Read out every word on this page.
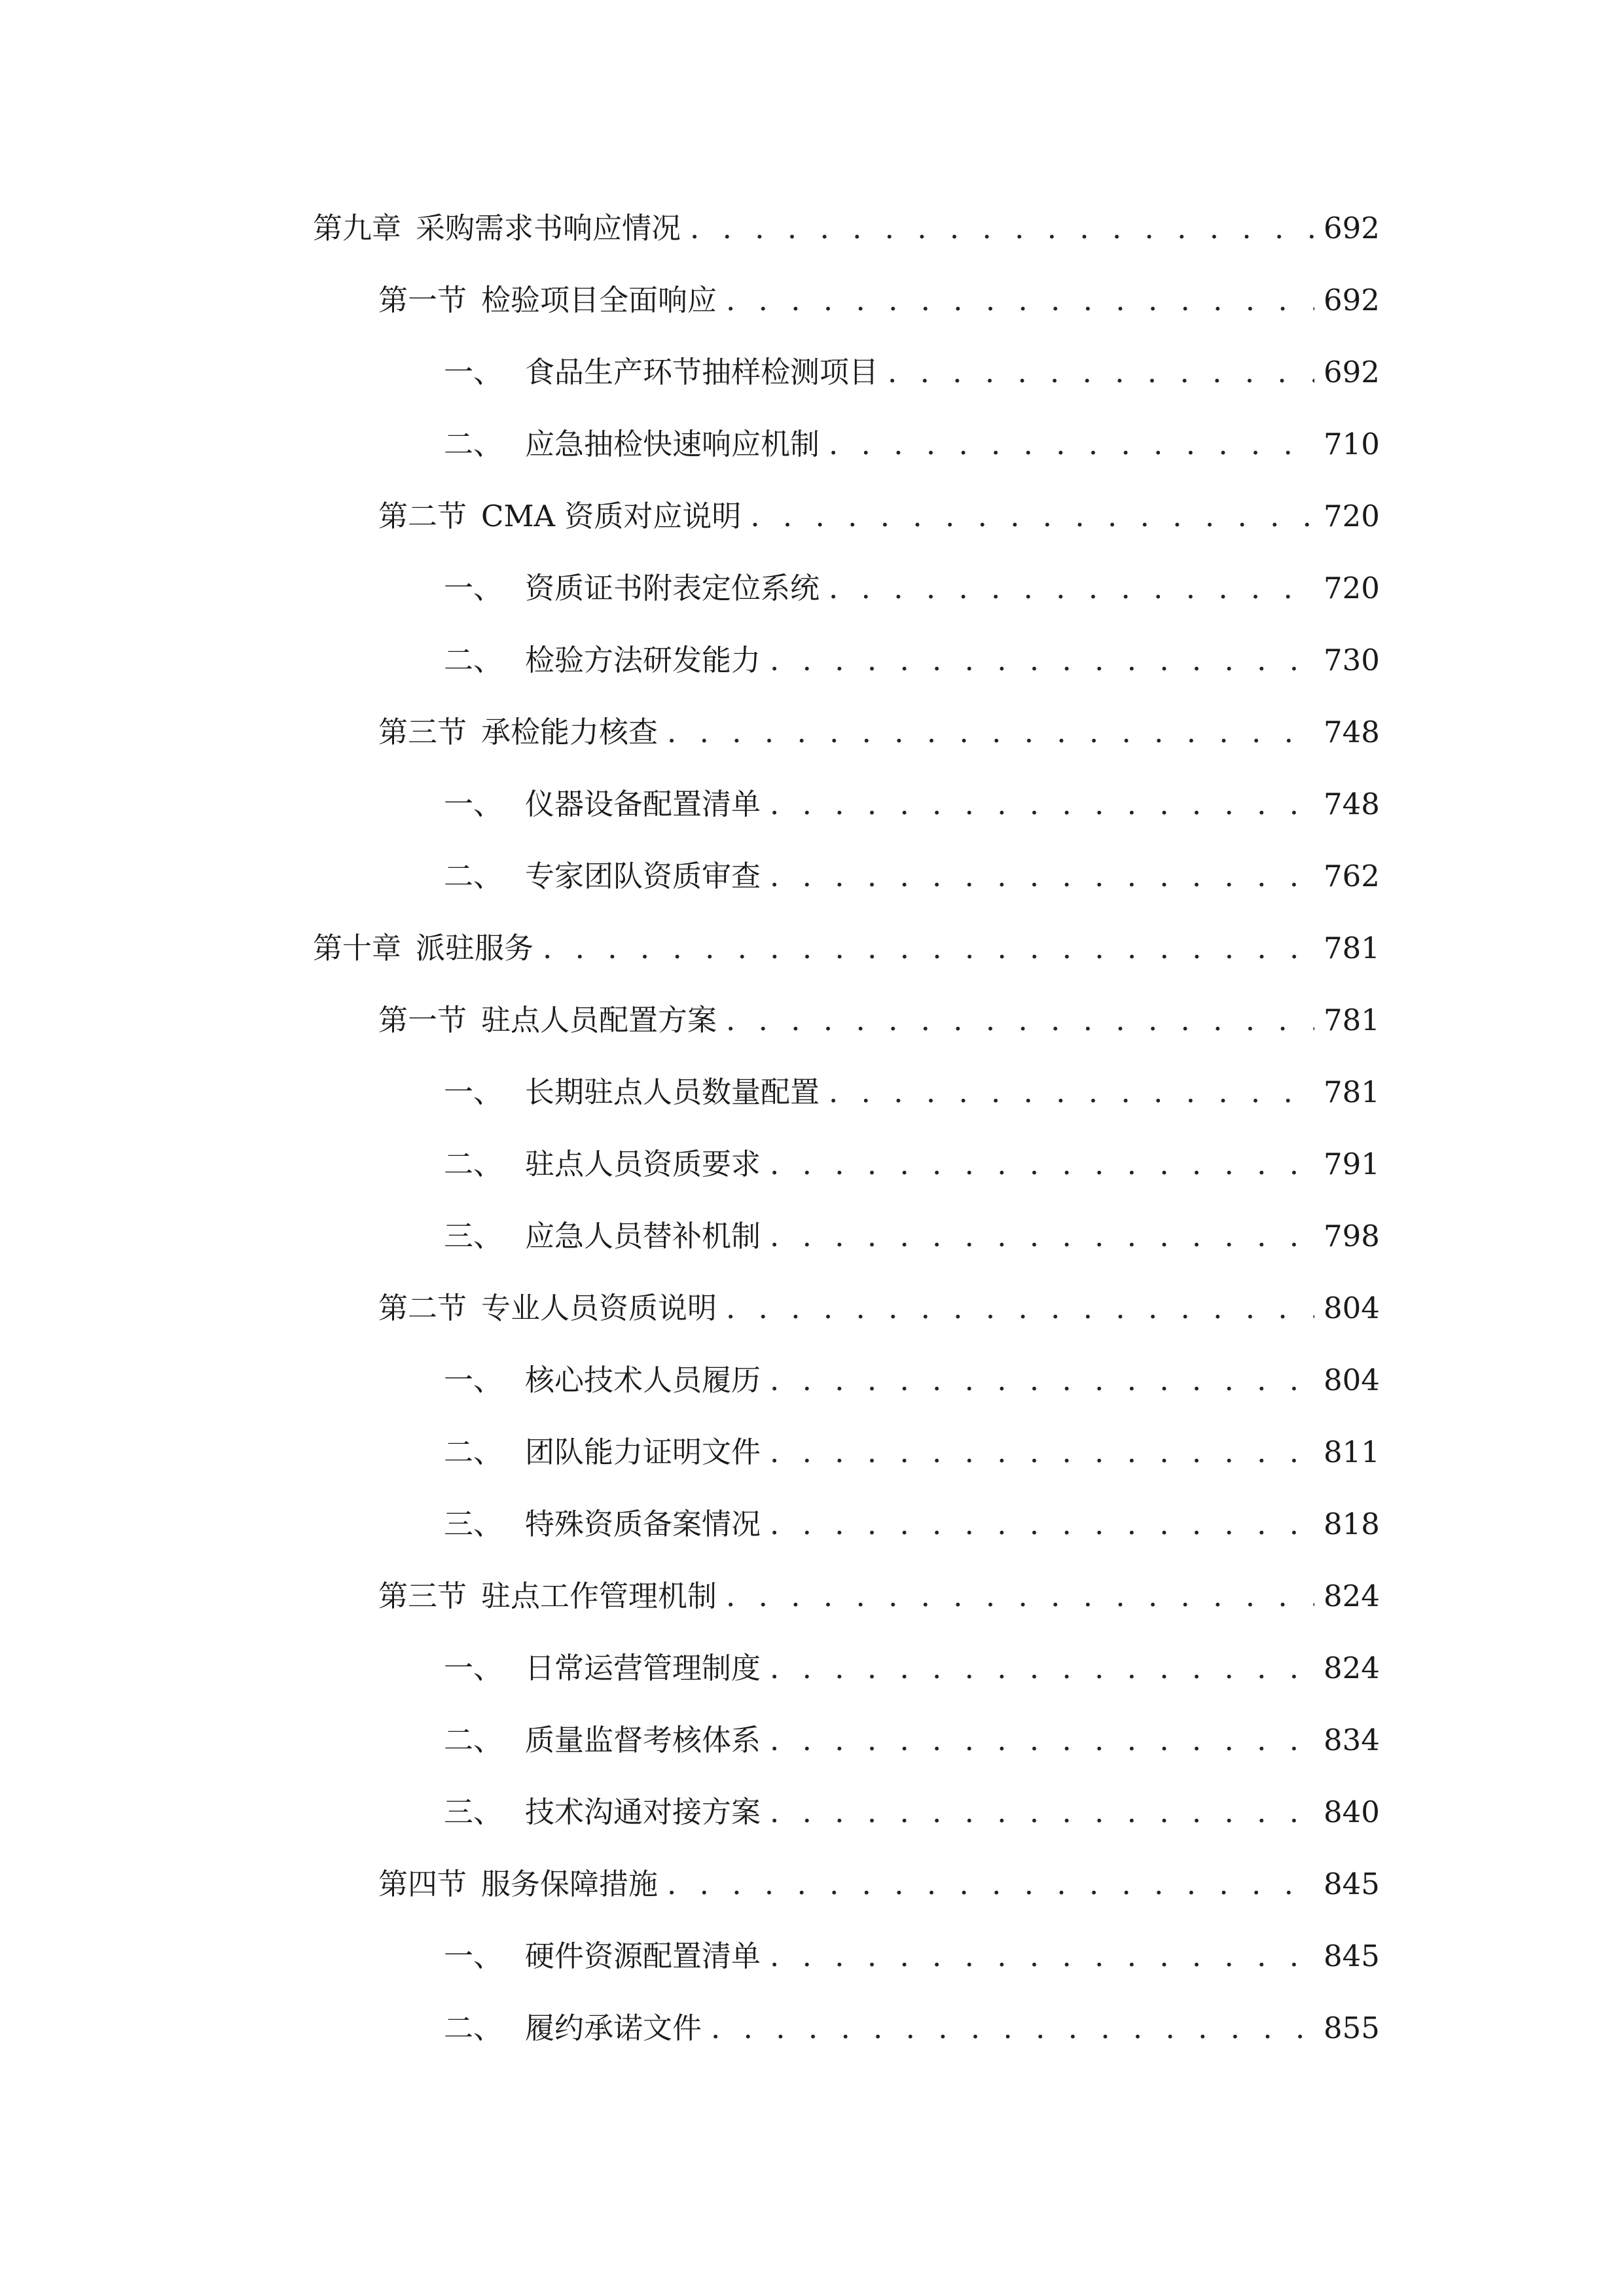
第九章 采购需求书响应情况 . . .	692
第一节 检验项目全面响应 . . .	692
一、 食品生产环节抽样检测项目 . . .	692
二、 应急抽检快速响应机制 . . .	710
第二节 CMA 资质对应说明 . . .	720
一、 资质证书附表定位系统 . . .	720
二、 检验方法研发能力 . . .	730
第三节 承检能力核查 . . .	748
一、 仪器设备配置清单 . . .	748
二、 专家团队资质审查 . . .	762
第十章 派驻服务 . . .	781
第一节 驻点人员配置方案 . . .	781
一、 长期驻点人员数量配置 . . .	781
二、 驻点人员资质要求 . . .	791
三、 应急人员替补机制 . . .	798
第二节 专业人员资质说明 . . .	804
一、 核心技术人员履历 . . .	804
二、 团队能力证明文件 . . .	811
三、 特殊资质备案情况 . . .	818
第三节 驻点工作管理机制 . . .	824
一、 日常运营管理制度 . . .	824
二、 质量监督考核体系 . . .	834
三、 技术沟通对接方案 . . .	840
第四节 服务保障措施 . . .	845
一、 硬件资源配置清单 . . .	845
二、 履约承诺文件 . . .	855
